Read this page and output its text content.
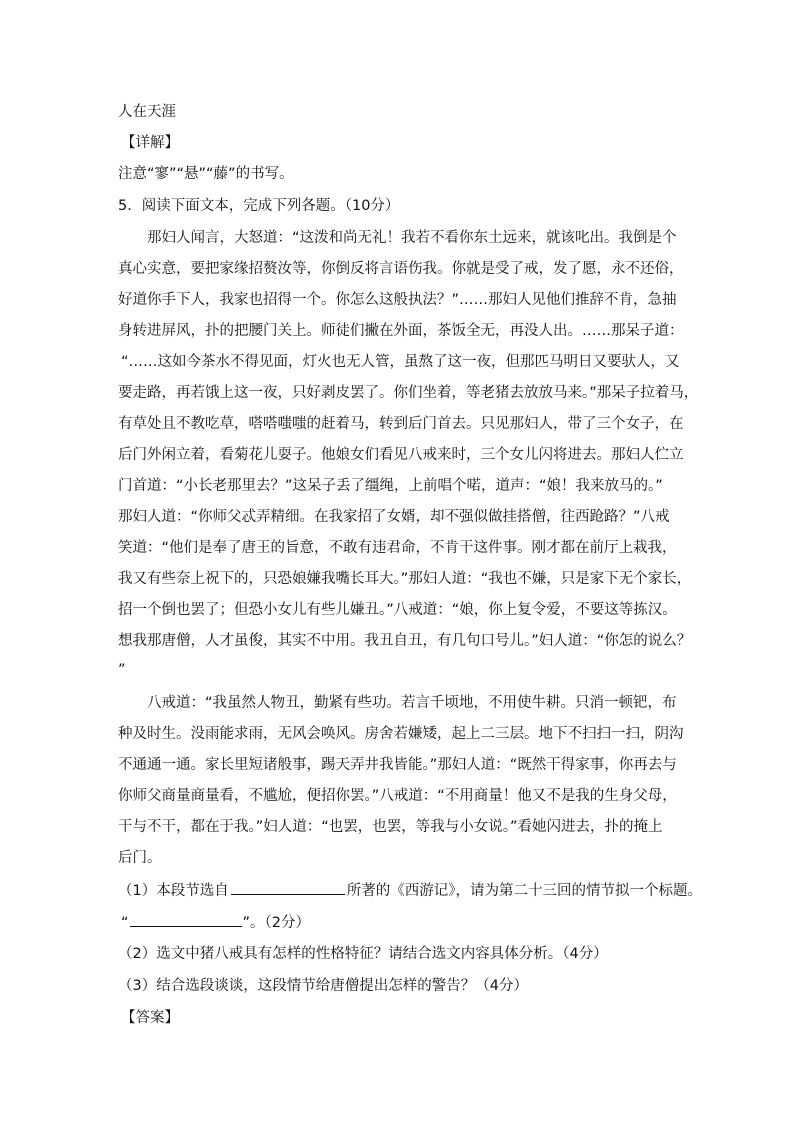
人在天涯
【详解】
注意“寥”“悬”“藤”的书写。
5．阅读下面文本，完成下列各题。（10分）
那妇人闻言，大怒道：“这泼和尚无礼！我若不看你东土远来，就该叱出。我倒是个
真心实意，要把家缘招赘汝等，你倒反将言语伤我。你就是受了戒，发了愿，永不还俗，
好道你手下人，我家也招得一个。你怎么这般执法？”……那妇人见他们推辞不肯，急抽
身转进屏风，扑的把腰门关上。师徒们撇在外面，茶饭全无，再没人出。……那呆子道：
“……这如今茶水不得见面，灯火也无人管，虽熬了这一夜，但那匹马明日又要驮人，又
要走路，再若饿上这一夜，只好剥皮罢了。你们坐着，等老猪去放放马来。”那呆子拉着马，
有草处且不教吃草，嗒嗒嗤嗤的赶着马，转到后门首去。只见那妇人，带了三个女子，在
后门外闲立着，看菊花儿耍子。他娘女们看见八戒来时，三个女儿闪将进去。那妇人伫立
门首道：“小长老那里去？”这呆子丢了缰绳，上前唱个喏，道声：“娘！我来放马的。”
那妇人道：“你师父忒弄精细。在我家招了女婿，却不强似做挂搭僧，往西跄路？”八戒
笑道：“他们是奉了唐王的旨意，不敢有违君命，不肯干这件事。刚才都在前厅上栽我，
我又有些奈上祝下的，只恐娘嫌我嘴长耳大。”那妇人道：“我也不嫌，只是家下无个家长，
招一个倒也罢了；但恐小女儿有些儿嫌丑。”八戒道：“娘，你上复令爱，不要这等拣汉。
想我那唐僧，人才虽俊，其实不中用。我丑自丑，有几句口号儿。”妇人道：“你怎的说么？
”
八戒道：“我虽然人物丑，勤紧有些功。若言千顷地，不用使牛耕。只消一顿钯，布
种及时生。没雨能求雨，无风会唤风。房舍若嫌矮，起上二三层。地下不扫扫一扫，阴沟
不通通一通。家长里短诸般事，踢天弄井我皆能。”那妇人道：“既然干得家事，你再去与
你师父商量商量看，不尴尬，便招你罢。”八戒道：“不用商量！他又不是我的生身父母，
干与不干，都在于我。”妇人道：“也罢，也罢，等我与小女说。”看她闪进去，扑的掩上
后门。
（1）本段节选自	所著的《西游记》，请为第二十三回的情节拟一个标题。
“	”。（2分）
（2）选文中猪八戒具有怎样的性格特征？请结合选文内容具体分析。（4分）
（3）结合选段谈谈，这段情节给唐僧提出怎样的警告？（4分）
【答案】
